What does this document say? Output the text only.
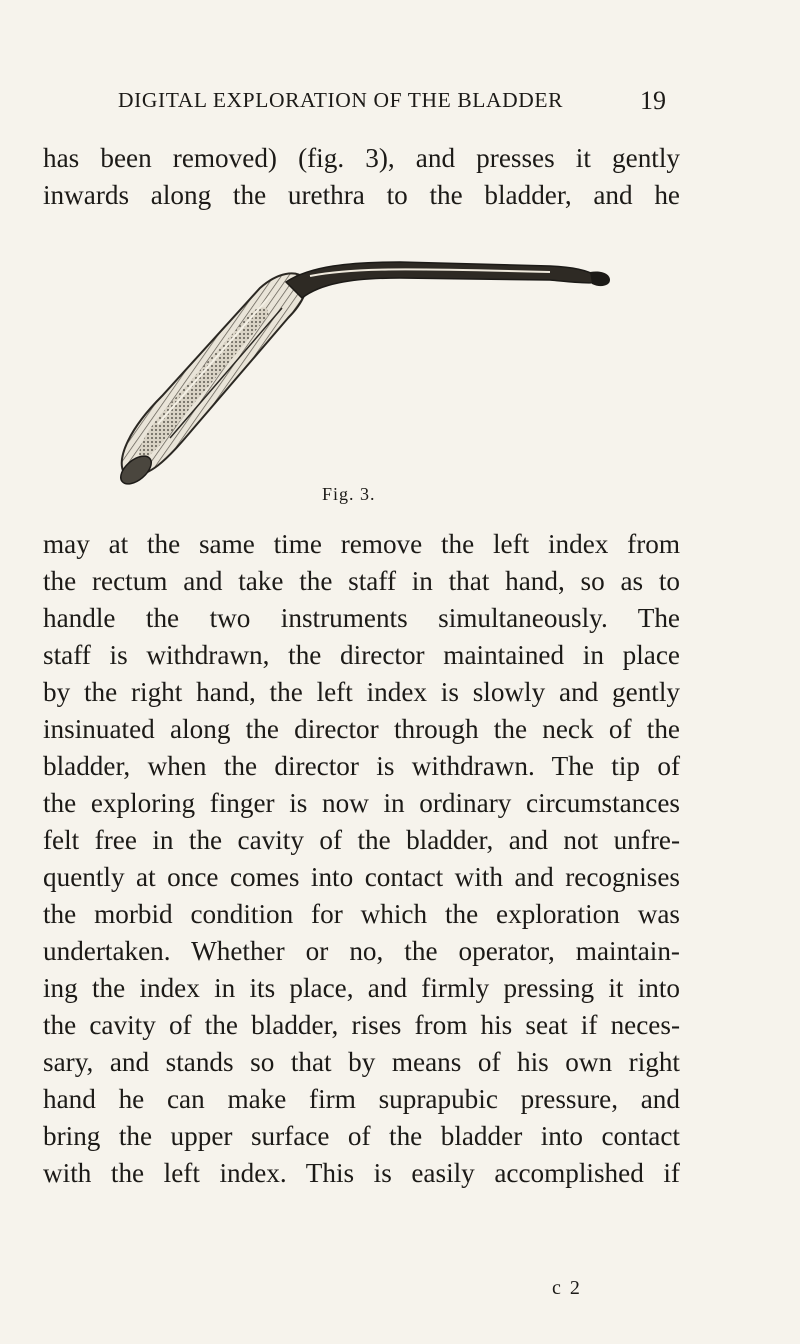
DIGITAL EXPLORATION OF THE BLADDER	19
has been removed) (fig. 3), and presses it gently
inwards along the urethra to the bladder, and he
Fig. 3.
may at the same time remove the left index from
the rectum and take the staff in that hand, so as to
handle the two instruments simultaneously. The
staff is withdrawn, the director maintained in place
by the right hand, the left index is slowly and gently
insinuated along the director through the neck of the
bladder, when the director is withdrawn. The tip of
the exploring finger is now in ordinary circumstances
felt free in the cavity of the bladder, and not unfre-
quently at once comes into contact with and recognises
the morbid condition for which the exploration was
undertaken. Whether or no, the operator, maintain-
ing the index in its place, and firmly pressing it into
the cavity of the bladder, rises from his seat if neces-
sary, and stands so that by means of his own right
hand he can make firm suprapubic pressure, and
bring the upper surface of the bladder into contact
with the left index. This is easily accomplished if
c 2
